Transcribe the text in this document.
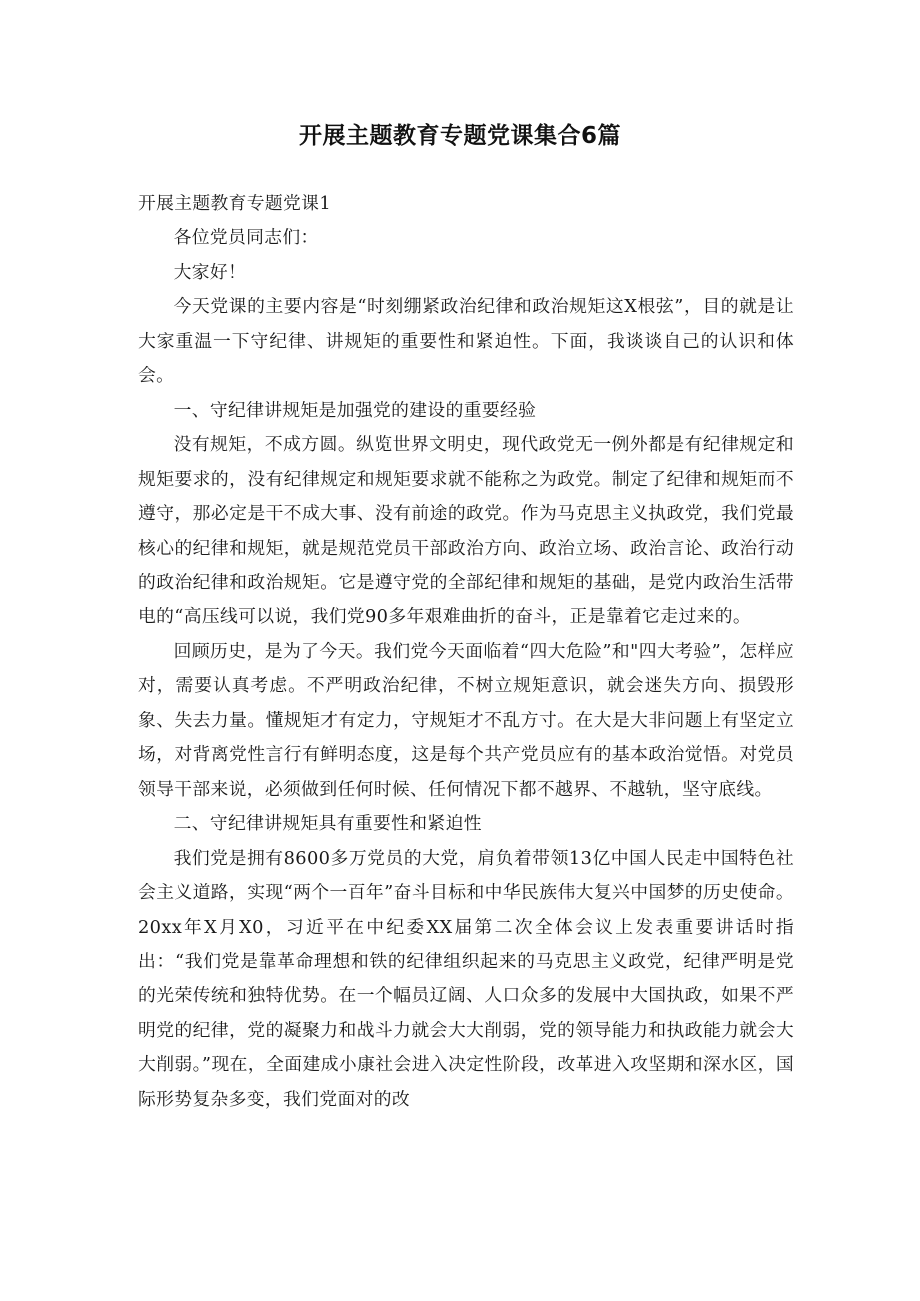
开展主题教育专题党课集合6篇

开展主题教育专题党课1

各位党员同志们：

大家好！

今天党课的主要内容是“时刻绷紧政治纪律和政治规矩这X根弦”，目的就是让大家重温一下守纪律、讲规矩的重要性和紧迫性。下面，我谈谈自己的认识和体会。

一、守纪律讲规矩是加强党的建设的重要经验

没有规矩，不成方圆。纵览世界文明史，现代政党无一例外都是有纪律规定和规矩要求的，没有纪律规定和规矩要求就不能称之为政党。制定了纪律和规矩而不遵守，那必定是干不成大事、没有前途的政党。作为马克思主义执政党，我们党最核心的纪律和规矩，就是规范党员干部政治方向、政治立场、政治言论、政治行动的政治纪律和政治规矩。它是遵守党的全部纪律和规矩的基础，是党内政治生活带电的“高压线可以说，我们党90多年艰难曲折的奋斗，正是靠着它走过来的。

回顾历史，是为了今天。我们党今天面临着“四大危险”和"四大考验”，怎样应对，需要认真考虑。不严明政治纪律，不树立规矩意识，就会迷失方向、损毁形象、失去力量。懂规矩才有定力，守规矩才不乱方寸。在大是大非问题上有坚定立场，对背离党性言行有鲜明态度，这是每个共产党员应有的基本政治觉悟。对党员领导干部来说，必须做到任何时候、任何情况下都不越界、不越轨，坚守底线。

二、守纪律讲规矩具有重要性和紧迫性

我们党是拥有8600多万党员的大党，肩负着带领13亿中国人民走中国特色社会主义道路，实现“两个一百年”奋斗目标和中华民族伟大复兴中国梦的历史使命。20xx年X月X0，习近平在中纪委XX届第二次全体会议上发表重要讲话时指出：“我们党是靠革命理想和铁的纪律组织起来的马克思主义政党，纪律严明是党的光荣传统和独特优势。在一个幅员辽阔、人口众多的发展中大国执政，如果不严明党的纪律，党的凝聚力和战斗力就会大大削弱，党的领导能力和执政能力就会大大削弱。”现在，全面建成小康社会进入决定性阶段，改革进入攻坚期和深水区，国际形势复杂多变，我们党面对的改
